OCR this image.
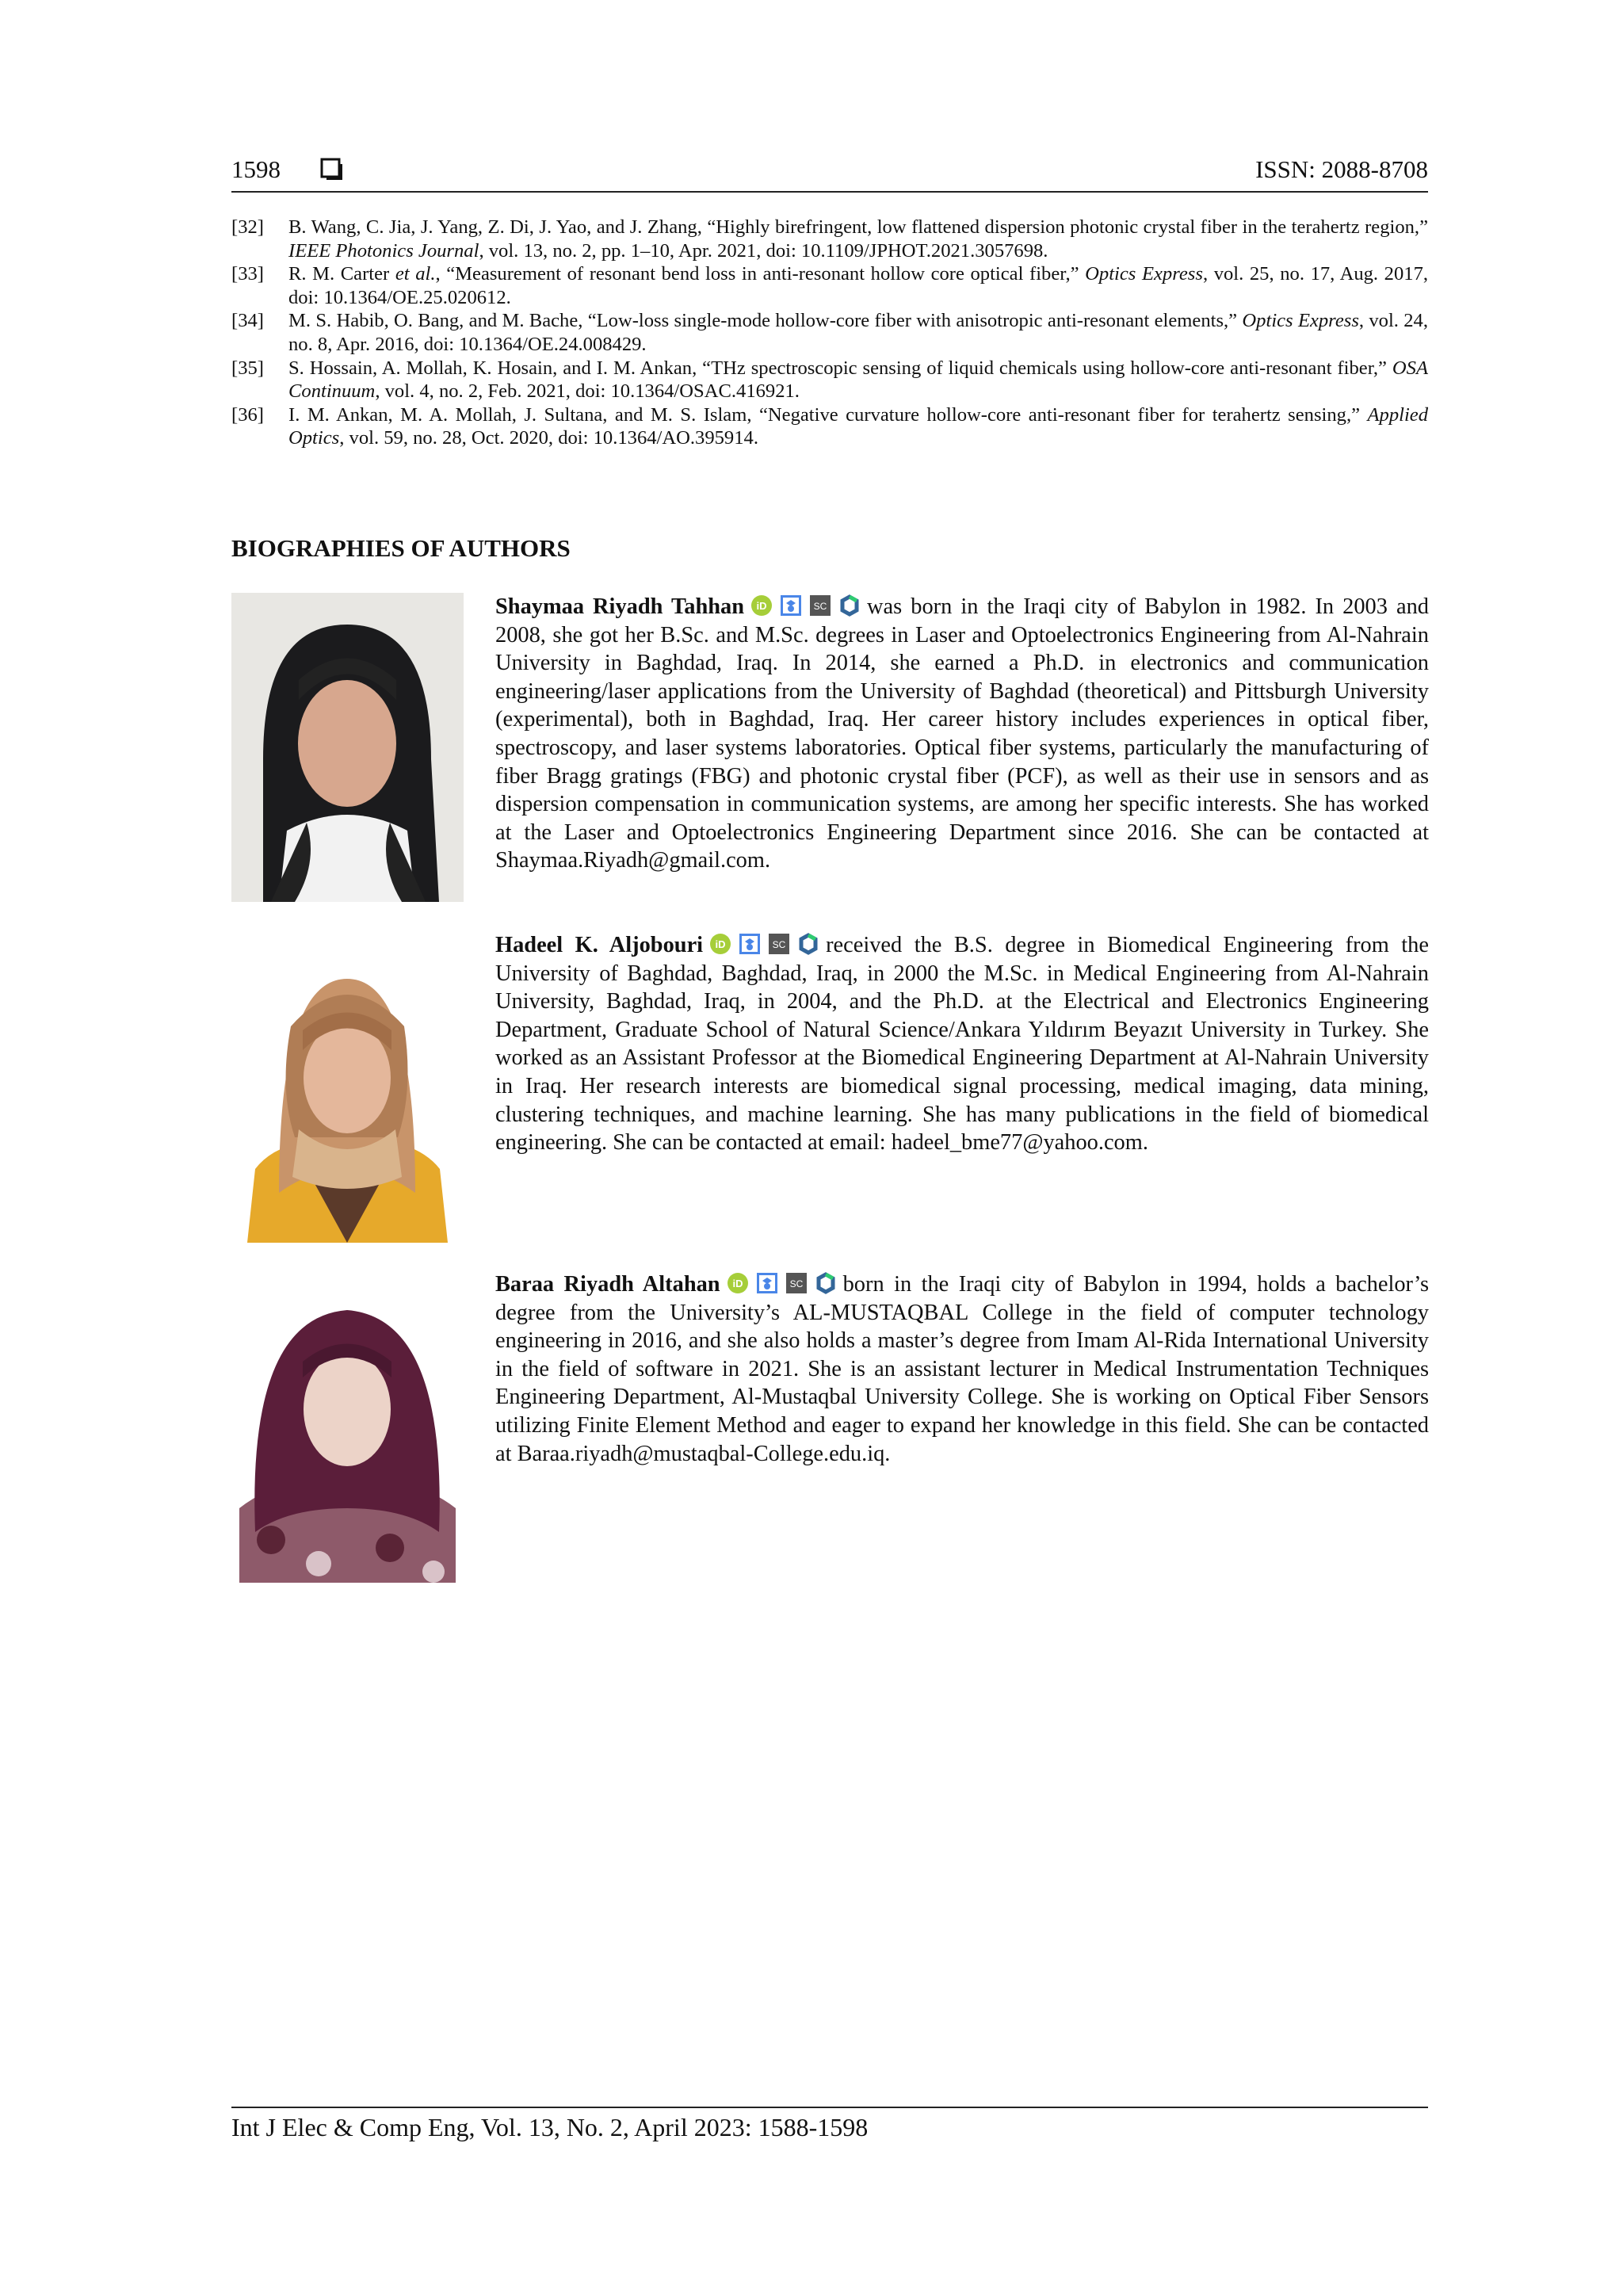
1598	ISSN: 2088-8708
[32] B. Wang, C. Jia, J. Yang, Z. Di, J. Yao, and J. Zhang, “Highly birefringent, low flattened dispersion photonic crystal fiber in the terahertz region,” IEEE Photonics Journal, vol. 13, no. 2, pp. 1–10, Apr. 2021, doi: 10.1109/JPHOT.2021.3057698.
[33] R. M. Carter et al., “Measurement of resonant bend loss in anti-resonant hollow core optical fiber,” Optics Express, vol. 25, no. 17, Aug. 2017, doi: 10.1364/OE.25.020612.
[34] M. S. Habib, O. Bang, and M. Bache, “Low-loss single-mode hollow-core fiber with anisotropic anti-resonant elements,” Optics Express, vol. 24, no. 8, Apr. 2016, doi: 10.1364/OE.24.008429.
[35] S. Hossain, A. Mollah, K. Hosain, and I. M. Ankan, “THz spectroscopic sensing of liquid chemicals using hollow-core anti-resonant fiber,” OSA Continuum, vol. 4, no. 2, Feb. 2021, doi: 10.1364/OSAC.416921.
[36] I. M. Ankan, M. A. Mollah, J. Sultana, and M. S. Islam, “Negative curvature hollow-core anti-resonant fiber for terahertz sensing,” Applied Optics, vol. 59, no. 28, Oct. 2020, doi: 10.1364/AO.395914.
BIOGRAPHIES OF AUTHORS
Shaymaa Riyadh Tahhan iD	SC was born in the Iraqi city of Babylon in 1982. In 2003 and 2008, she got her B.Sc. and M.Sc. degrees in Laser and Optoelectronics Engineering from Al-Nahrain University in Baghdad, Iraq. In 2014, she earned a Ph.D. in electronics and communication engineering/laser applications from the University of Baghdad (theoretical) and Pittsburgh University (experimental), both in Baghdad, Iraq. Her career history includes experiences in optical fiber, spectroscopy, and laser systems laboratories. Optical fiber systems, particularly the manufacturing of fiber Bragg gratings (FBG) and photonic crystal fiber (PCF), as well as their use in sensors and as dispersion compensation in communication systems, are among her specific interests. She has worked at the Laser and Optoelectronics Engineering Department since 2016. She can be contacted at Shaymaa.Riyadh@gmail.com.
Hadeel K. Aljobouri iD	SC received the B.S. degree in Biomedical Engineering from the University of Baghdad, Baghdad, Iraq, in 2000 the M.Sc. in Medical Engineering from Al-Nahrain University, Baghdad, Iraq, in 2004, and the Ph.D. at the Electrical and Electronics Engineering Department, Graduate School of Natural Science/Ankara Yıldırım Beyazıt University in Turkey. She worked as an Assistant Professor at the Biomedical Engineering Department at Al-Nahrain University in Iraq. Her research interests are biomedical signal processing, medical imaging, data mining, clustering techniques, and machine learning. She has many publications in the field of biomedical engineering. She can be contacted at email: hadeel_bme77@yahoo.com.
Baraa Riyadh Altahan iD	SC born in the Iraqi city of Babylon in 1994, holds a bachelor’s degree from the University’s AL-MUSTAQBAL College in the field of computer technology engineering in 2016, and she also holds a master’s degree from Imam Al-Rida International University in the field of software in 2021. She is an assistant lecturer in Medical Instrumentation Techniques Engineering Department, Al-Mustaqbal University College. She is working on Optical Fiber Sensors utilizing Finite Element Method and eager to expand her knowledge in this field. She can be contacted at Baraa.riyadh@mustaqbal-College.edu.iq.
Int J Elec & Comp Eng, Vol. 13, No. 2, April 2023: 1588-1598
